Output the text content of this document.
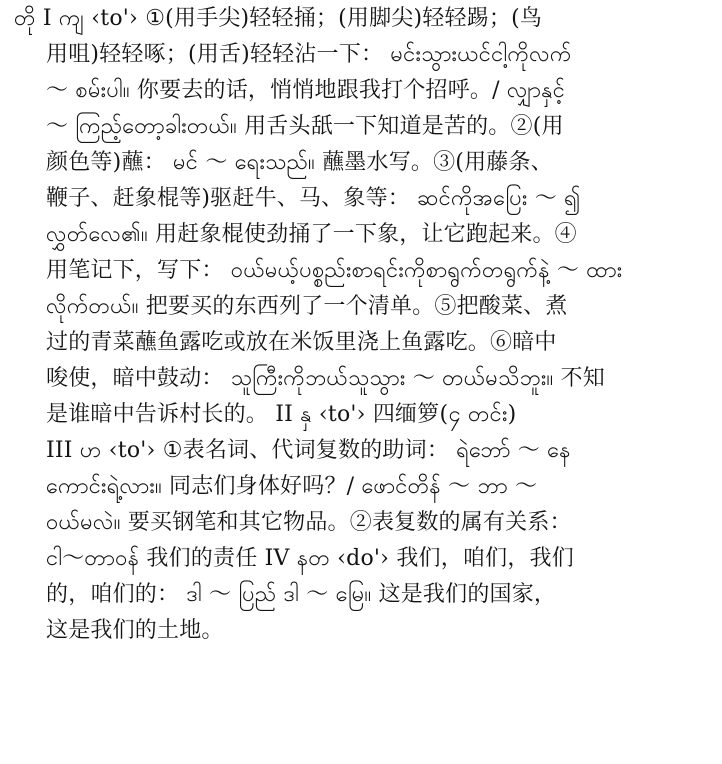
တို I ကျ ‹to'› ①(用手尖)轻轻捅；(用脚尖)轻轻踢；(鸟
用咀)轻轻啄；(用舌)轻轻沾一下： မင်းသွားယင်ငါ့ကိုလက်
～ စမ်းပါ။ 你要去的话，悄悄地跟我打个招呼。/ လျှာနှင့်
～ ကြည့်တော့ခါးတယ်။ 用舌头舐一下知道是苦的。②(用
颜色等)蘸： မင် ～ ရေးသည်။ 蘸墨水写。③(用藤条、
鞭子、赶象棍等)驱赶牛、马、象等： ဆင်ကိုအပြေး ～ ၍
လွှတ်လေ၏။ 用赶象棍使劲捅了一下象，让它跑起来。④
用笔记下，写下： ဝယ်မယ့်ပစ္စည်းစာရင်းကိုစာရွက်တရွက်နဲ့ ～ ထား
လိုက်တယ်။ 把要买的东西列了一个清单。⑤把酸菜、煮
过的青菜蘸鱼露吃或放在米饭里浇上鱼露吃。⑥暗中
唆使，暗中鼓动： သူကြီးကိုဘယ်သူသွား ～ တယ်မသိဘူး။ 不知
是谁暗中告诉村长的。 II နှ ‹to'› 四缅箩(၄ တင်း)
III ဟ ‹to'› ①表名词、代词复数的助词： ရဲဘော် ～ နေ
ကောင်းရဲ့လား။ 同志们身体好吗？/ ဖောင်တိန် ～ ဘာ ～
ဝယ်မလဲ။ 要买钢笔和其它物品。②表复数的属有关系：
ငါ～တာဝန် 我们的责任 IV နတ ‹do'› 我们，咱们，我们
的，咱们的： ဒါ ～ ပြည် ဒါ ～ မြေ။ 这是我们的国家，
这是我们的土地。
